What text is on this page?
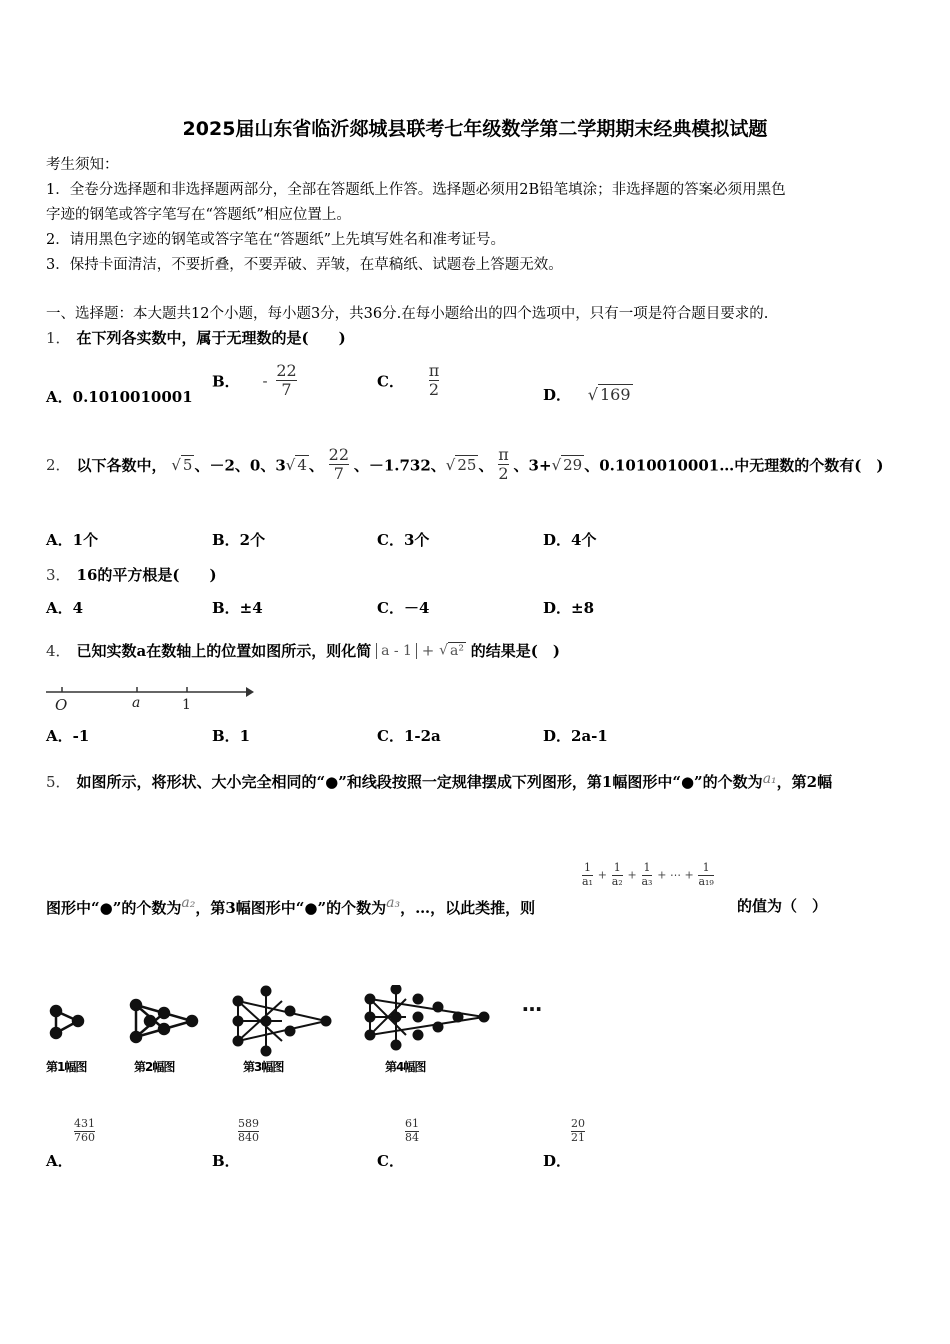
2025届山东省临沂郯城县联考七年级数学第二学期期末经典模拟试题
考生须知：
1．全卷分选择题和非选择题两部分，全部在答题纸上作答。选择题必须用2B铅笔填涂；非选择题的答案必须用黑色
字迹的钢笔或答字笔写在“答题纸”相应位置上。
2．请用黑色字迹的钢笔或答字笔在“答题纸”上先填写姓名和准考证号。
3．保持卡面清洁，不要折叠，不要弄破、弄皱，在草稿纸、试题卷上答题无效。
一、选择题：本大题共12个小题，每小题3分，共36分.在每小题给出的四个选项中，只有一项是符合题目要求的.
1． 在下列各实数中，属于无理数的是(　　)
A．0.1010010001
B． - $\frac{22}{7}$	C． $\frac{\pi}{2}$	D． √ 169
2． 以下各数中， √ 5 、－2、0、3√ 4 、 $\frac{22}{7}$ 、－1.732、√ 25 、 $\frac{\pi}{2}$ 、3+√ 29 、0.1010010001…中无理数的个数有(　)
A．1个	B．2个	C．3个	D．4个
3． 16的平方根是(　　)
A．4	B．±4	C．－4	D．±8
4． 已知实数a在数轴上的位置如图所示，则化简 a - 1 + √ a² 的结果是(　)
O	a	1
A．-1	B．1	C．1-2a	D．2a-1
5． 如图所示，将形状、大小完全相同的“●”和线段按照一定规律摆成下列图形，第1幅图形中“●”的个数为a₁，第2幅
图形中“●”的个数为a₂，第3幅图形中“●”的个数为a₃，…，以此类推，则
$\frac{1}{\text{a₁}} + \frac{1}{\text{a₂}} + \frac{1}{\text{a₃}}$ + ⋯ + $\frac{1}{\text{a₁₉}}$
的值为（　）
…
第1幅图	第2幅图	第3幅图	第4幅图
A．
431
760
B．
589
840
C．
61
84
D．
20
21
